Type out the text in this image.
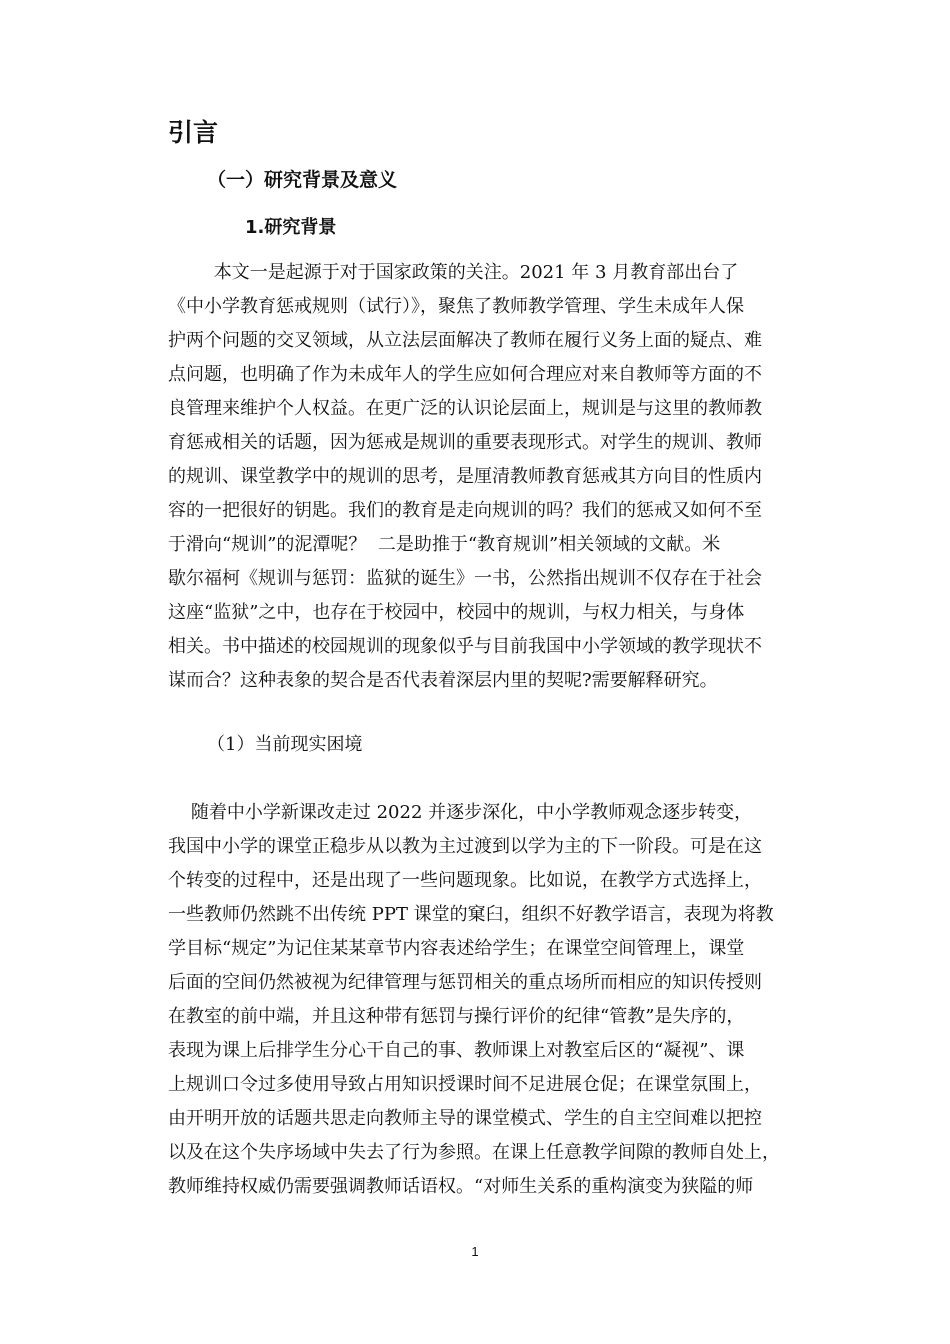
引言
（一）研究背景及意义
1.研究背景
本文一是起源于对于国家政策的关注。2021 年 3 月教育部出台了
《中小学教育惩戒规则（试行）》，聚焦了教师教学管理、学生未成年人保
护两个问题的交叉领域，从立法层面解决了教师在履行义务上面的疑点、难
点问题，也明确了作为未成年人的学生应如何合理应对来自教师等方面的不
良管理来维护个人权益。在更广泛的认识论层面上，规训是与这里的教师教
育惩戒相关的话题，因为惩戒是规训的重要表现形式。对学生的规训、教师
的规训、课堂教学中的规训的思考，是厘清教师教育惩戒其方向目的性质内
容的一把很好的钥匙。我们的教育是走向规训的吗？我们的惩戒又如何不至
于滑向“规训”的泥潭呢？  二是助推于“教育规训”相关领域的文献。米
歇尔福柯《规训与惩罚：监狱的诞生》一书，公然指出规训不仅存在于社会
这座“监狱”之中，也存在于校园中，校园中的规训，与权力相关，与身体
相关。书中描述的校园规训的现象似乎与目前我国中小学领域的教学现状不
谋而合？这种表象的契合是否代表着深层内里的契呢?需要解释研究。

（1）当前现实困境

随着中小学新课改走过 2022 并逐步深化，中小学教师观念逐步转变，
我国中小学的课堂正稳步从以教为主过渡到以学为主的下一阶段。可是在这
个转变的过程中，还是出现了一些问题现象。比如说，在教学方式选择上，
一些教师仍然跳不出传统 PPT 课堂的窠臼，组织不好教学语言，表现为将教
学目标“规定”为记住某某章节内容表述给学生；在课堂空间管理上，课堂
后面的空间仍然被视为纪律管理与惩罚相关的重点场所而相应的知识传授则
在教室的前中端，并且这种带有惩罚与操行评价的纪律“管教”是失序的，
表现为课上后排学生分心干自己的事、教师课上对教室后区的“凝视”、课
上规训口令过多使用导致占用知识授课时间不足进展仓促；在课堂氛围上，
由开明开放的话题共思走向教师主导的课堂模式、学生的自主空间难以把控
以及在这个失序场域中失去了行为参照。在课上任意教学间隙的教师自处上，
教师维持权威仍需要强调教师话语权。“对师生关系的重构演变为狭隘的师
1
